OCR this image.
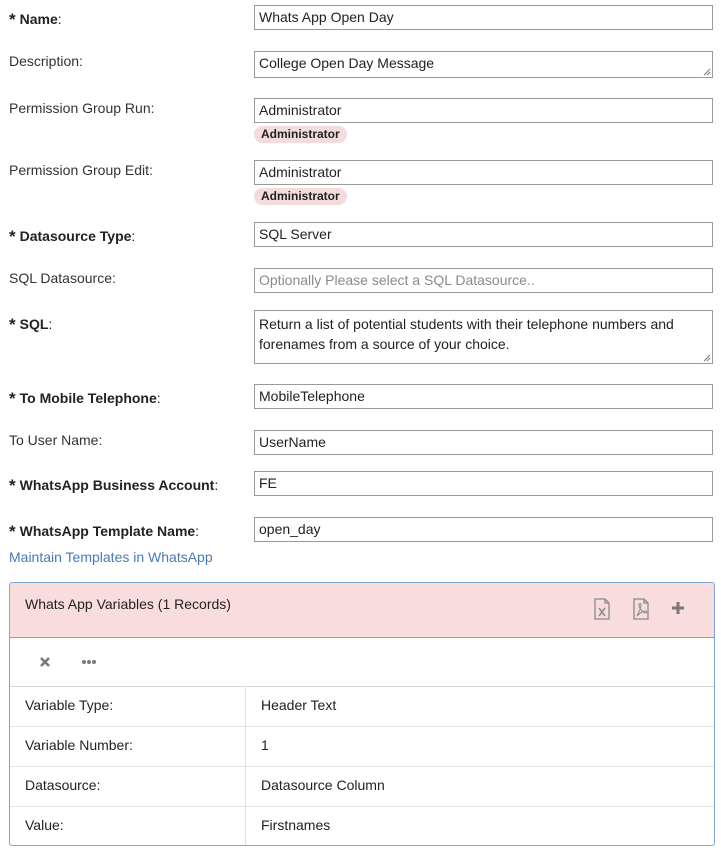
* Name:	Whats App Open Day
Description:	College Open Day Message
Permission Group Run:	Administrator
Administrator
Permission Group Edit:	Administrator
Administrator
* Datasource Type:	SQL Server
SQL Datasource:	Optionally Please select a SQL Datasource..
* SQL:	Return a list of potential students with their telephone numbers and forenames from a source of your choice.
* To Mobile Telephone:	MobileTelephone
To User Name:	UserName
* WhatsApp Business Account:	FE
* WhatsApp Template Name:	open_day
Maintain Templates in WhatsApp
Whats App Variables (1 Records)
Variable Type:	Header Text
Variable Number:	1
Datasource:	Datasource Column
Value:	Firstnames
